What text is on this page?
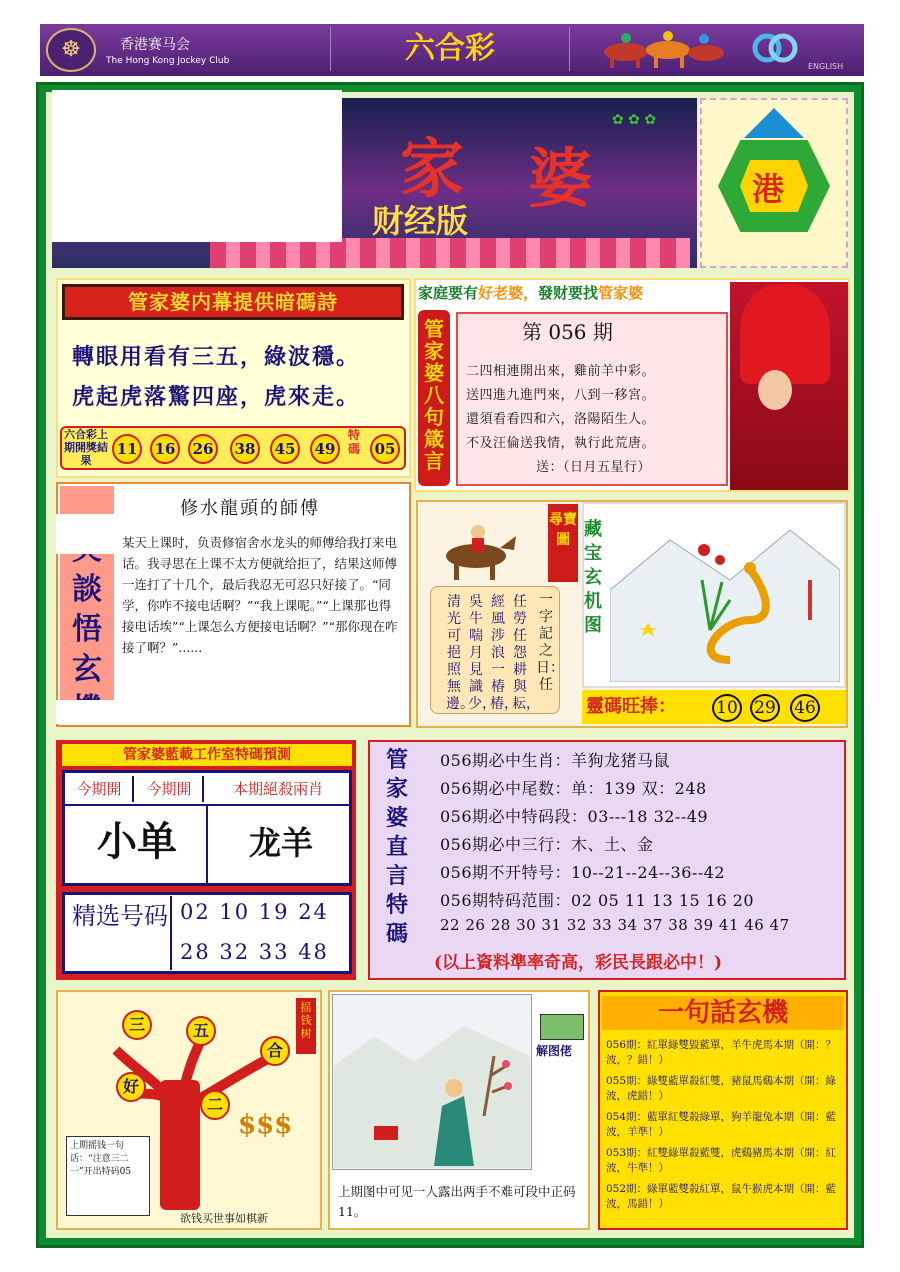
☸	香港赛马会
The Hong Kong Jockey Club	六合彩
ENGLISH
家 婆
财经版
✿ ✿ ✿
港
管家婆内幕提供暗碼詩
轉眼用看有三五，綠波穩。
虎起虎落驚四座，虎來走。
六合彩上期開獎結果
11	16	26	38	45	49
特碼 05
家庭要有好老婆，發财要找管家婆
管家婆八句箴言
第 056 期
二四相連開出來，雞前羊中彩。
送四進九進門來，八到一移宮。
還須看看四和六，洛陽陌生人。
不及汪倫送我情，執行此荒唐。
送：（日月五星行）
談悟玄
修水龍頭的師傅
某天上课时，负责修宿舍水龙头的师傅给我打来电话。我寻思在上课不太方便就给拒了，结果这师傅一连打了十几个，最后我忍无可忍只好接了。“同学，你咋不接电话啊？”“我上课呢。”“上课那也得接电话埃”“上课怎么方便接电话啊？”“那你现在咋接了啊？”......
任勞任怨耕與耘，
經風涉浪一椿椿，
吳牛喘月見識少，
清光可挹照無邊。
一字記之日：任
尋寶圖 藏宝玄机图
靈碼旺捧： 10 29 46
管家婆藍載工作室特碼預測
今期開	今期開	本期絕殺兩肖
小单	龙羊
精选号码 02 10 19 24
28 32 33 48
管家婆直言特碼
056期必中生肖：羊狗龙猪马鼠
056期必中尾数：单：139 双：248
056期必中特码段：03---18 32--49
056期必中三行：木、土、金
056期不开特号：10--21--24--36--42
056期特码范围：02 05 11 13 15 16 20
22 26 28 30 31 32 33 34 37 38 39 41 46 47
(以上資料準率奇高，彩民長跟必中！)
摇钱树
三	五
合
好
二
上期摇钱一句话：“注意三二一”开出特码05
$$$
欲钱买世事如棋新
解图佬
上期图中可见一人露出两手不难可段中正码11。
一句話玄機
056期：紅單綠雙毀藍單，羊牛虎馬本期（開：？波，？錯！）
055期：綠雙藍單殺紅雙，豬鼠馬鷄本期（開：綠波，虎錯！）
054期：藍單紅雙殺綠單，狗羊龍兔本期（開：藍波，羊準！）
053期：紅雙綠單殺藍雙，虎鷄豬馬本期（開：紅波，牛準！）
052期：綠單藍雙殺紅單，鼠牛猴虎本期（開：藍波，馬錯！）
